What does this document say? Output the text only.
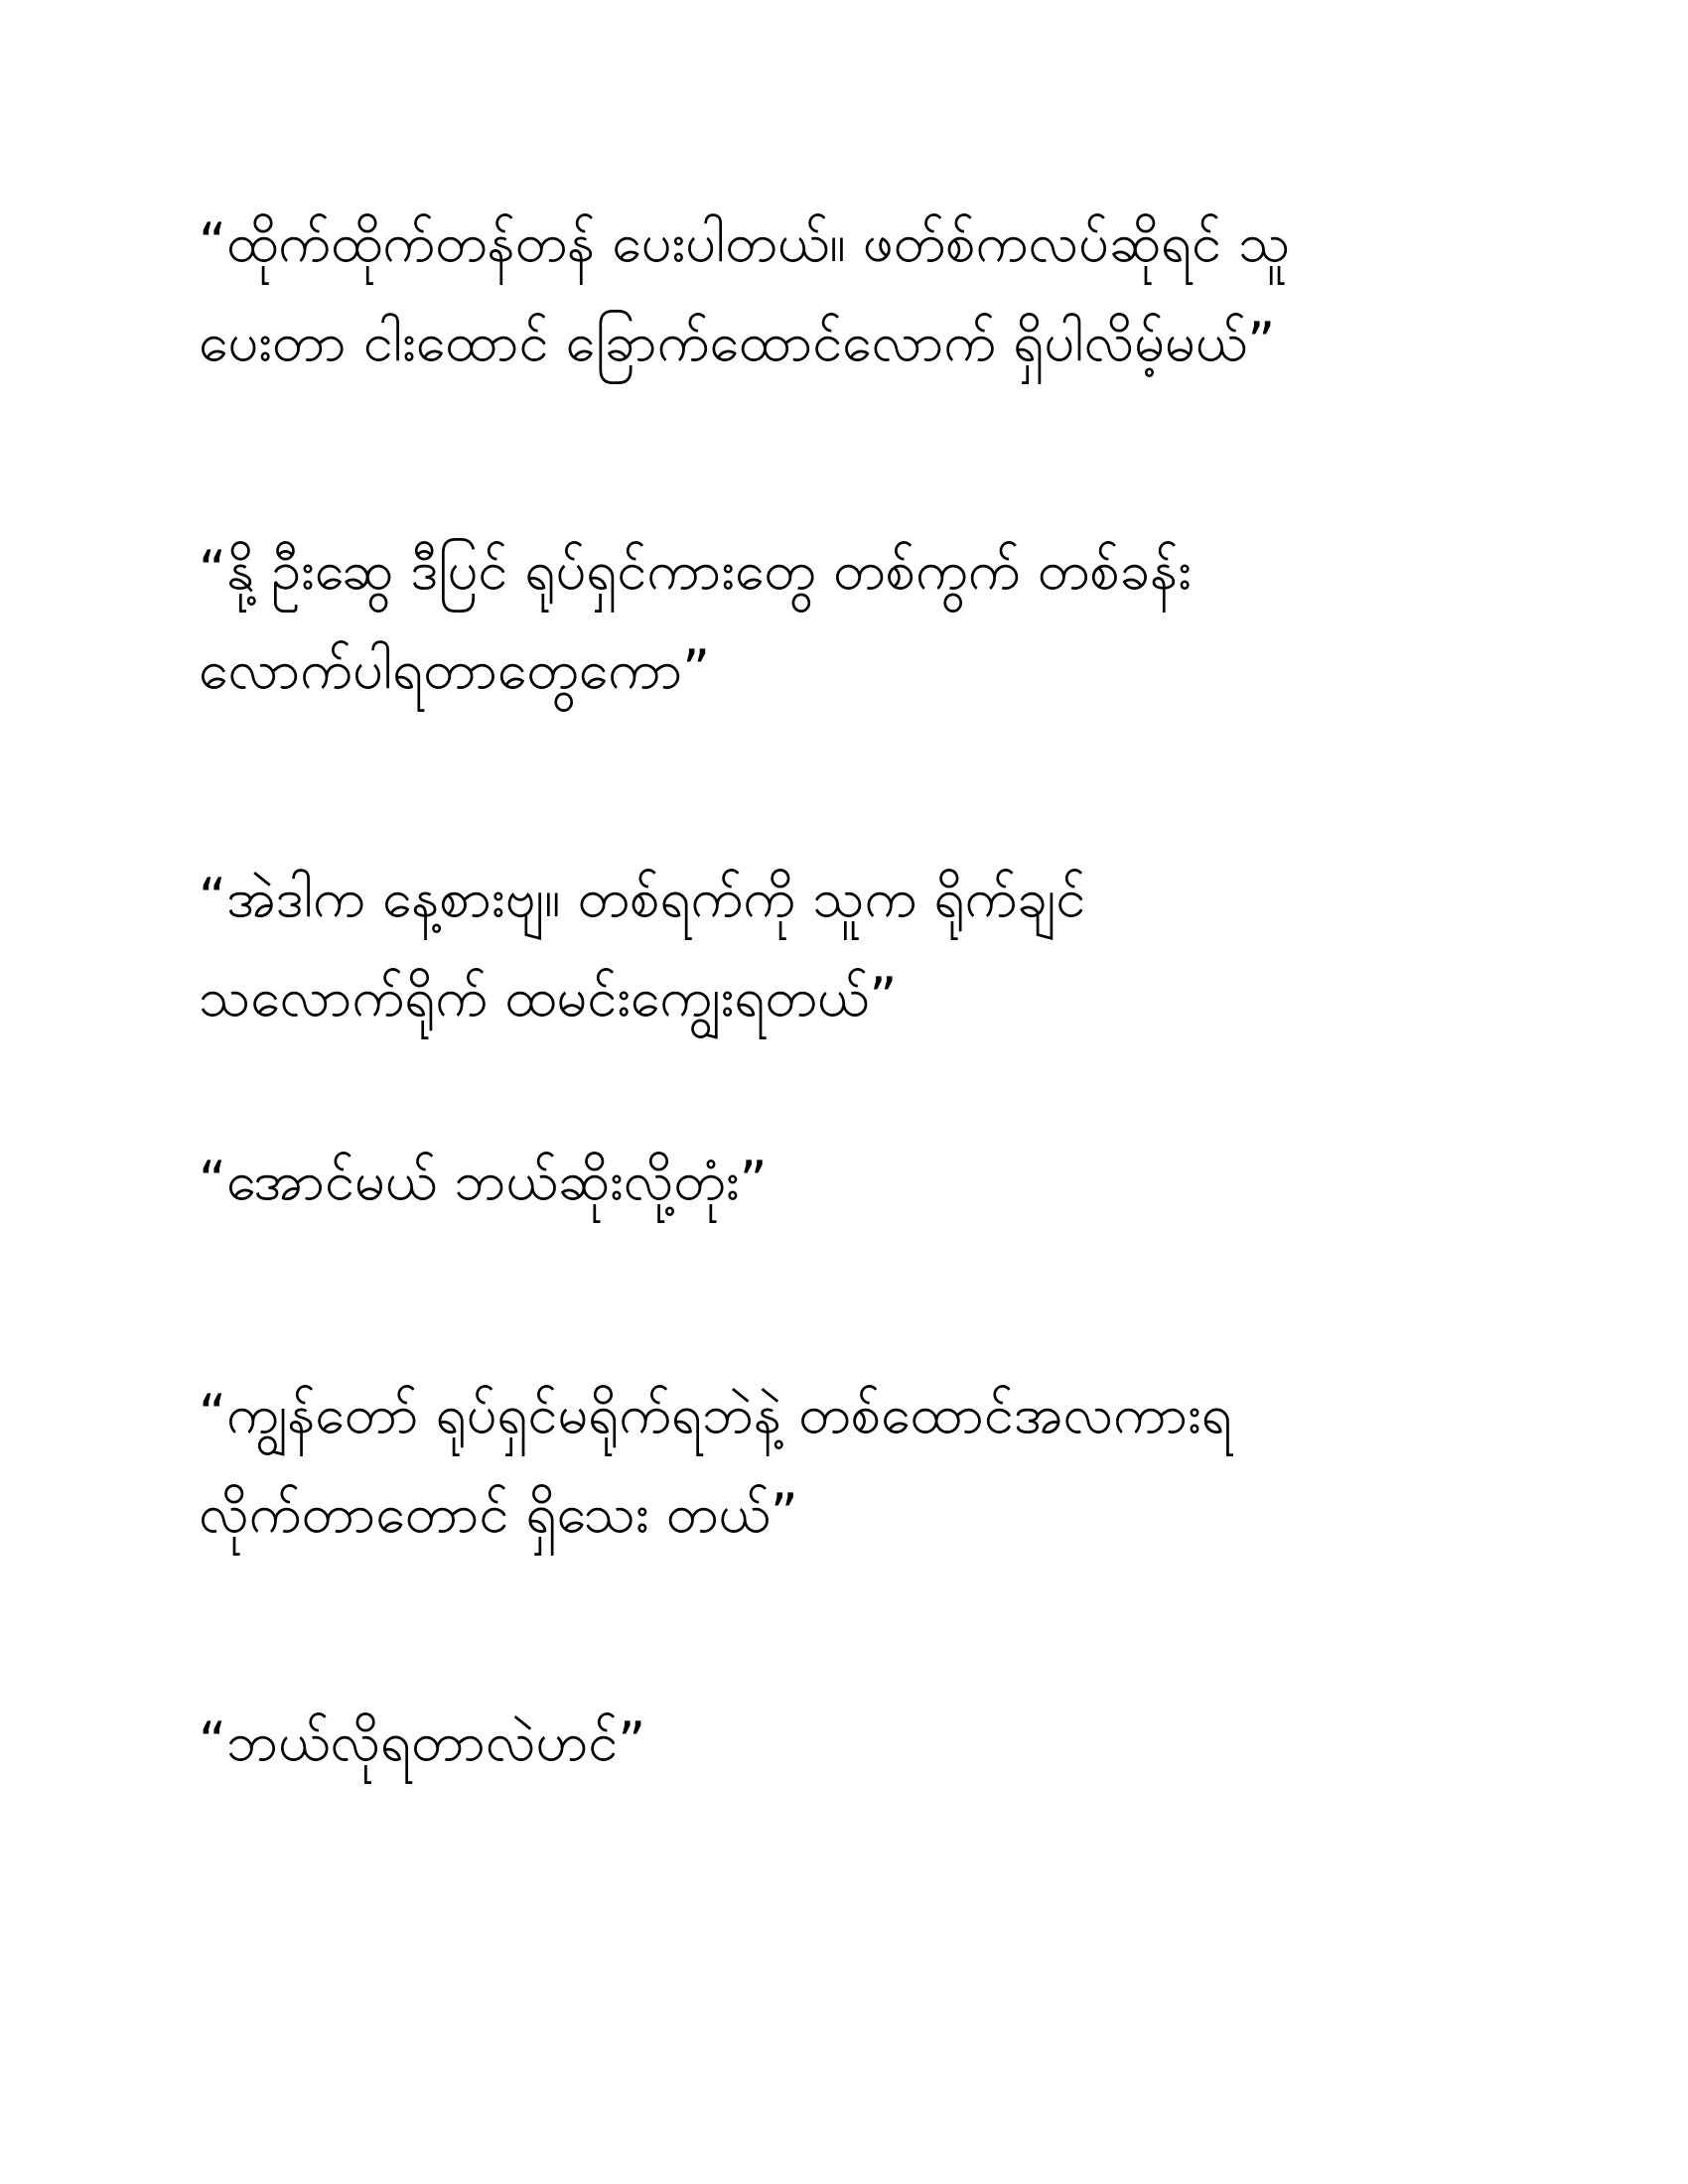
“ထိုက်ထိုက်တန်တန် ပေးပါတယ်။ ဖတ်စ်ကလပ်ဆိုရင် သူ
ပေးတာ ငါးထောင် ခြောက်ထောင်လောက် ရှိပါလိမ့်မယ်”
“နို့ ဦးဆွေ ဒီပြင် ရုပ်ရှင်ကားတွေ တစ်ကွက် တစ်ခန်း
လောက်ပါရတာတွေကော”
“အဲဒါက နေ့စားဗျ။ တစ်ရက်ကို သူက ရိုက်ချင်
သလောက်ရိုက် ထမင်းကျွေးရတယ်”
“အောင်မယ် ဘယ်ဆိုးလို့တုံး”
“ကျွန်တော် ရုပ်ရှင်မရိုက်ရဘဲနဲ့ တစ်ထောင်အလကားရ
လိုက်တာတောင် ရှိသေး တယ်”
“ဘယ်လိုရတာလဲဟင်”
